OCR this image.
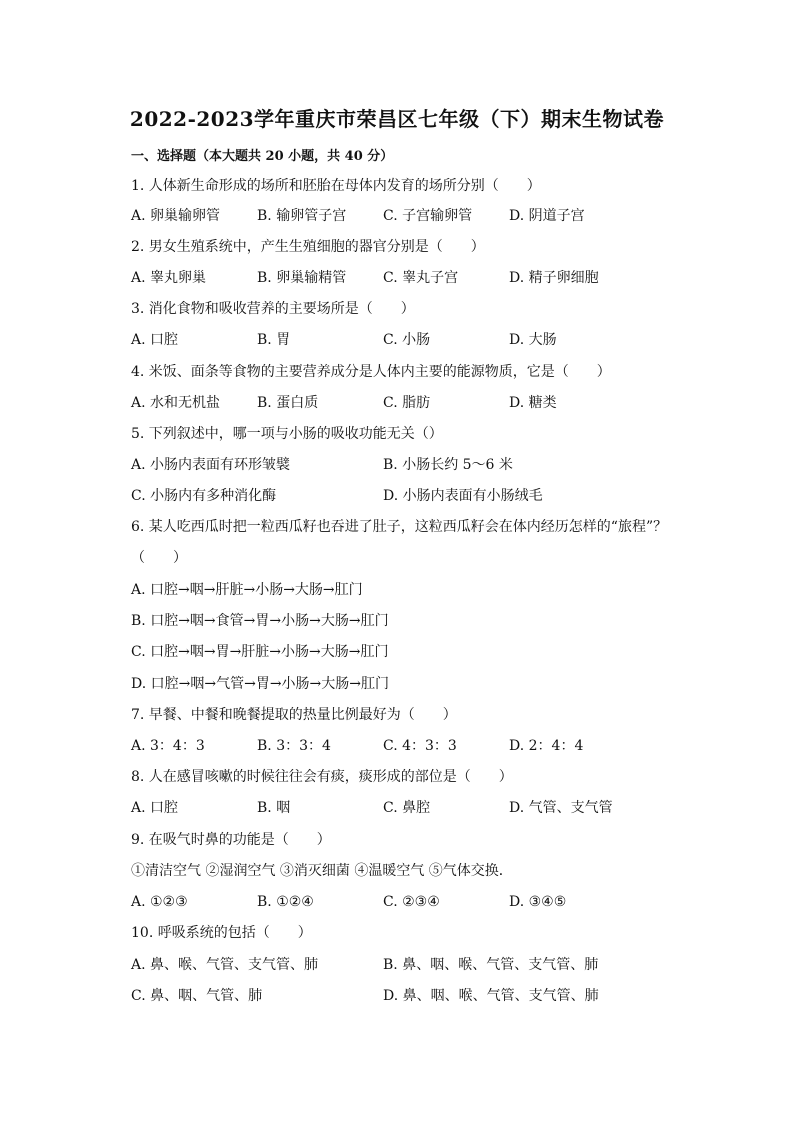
2022-2023学年重庆市荣昌区七年级（下）期末生物试卷
一、选择题（本大题共 20 小题，共 40 分）
1. 人体新生命形成的场所和胚胎在母体内发育的场所分别（　　）
A. 卵巢输卵管	B. 输卵管子宫	C. 子宫输卵管	D. 阴道子宫
2. 男女生殖系统中，产生生殖细胞的器官分别是（　　）
A. 睾丸卵巢	B. 卵巢输精管	C. 睾丸子宫	D. 精子卵细胞
3. 消化食物和吸收营养的主要场所是（　　）
A. 口腔	B. 胃	C. 小肠	D. 大肠
4. 米饭、面条等食物的主要营养成分是人体内主要的能源物质，它是（　　）
A. 水和无机盐	B. 蛋白质	C. 脂肪	D. 糖类
5. 下列叙述中，哪一项与小肠的吸收功能无关（）
A. 小肠内表面有环形皱襞	B. 小肠长约 5～6 米
C. 小肠内有多种消化酶	D. 小肠内表面有小肠绒毛
6. 某人吃西瓜时把一粒西瓜籽也吞进了肚子，这粒西瓜籽会在体内经历怎样的“旅程”？
（　　）
A. 口腔→咽→肝脏→小肠→大肠→肛门
B. 口腔→咽→食管→胃→小肠→大肠→肛门
C. 口腔→咽→胃→肝脏→小肠→大肠→肛门
D. 口腔→咽→气管→胃→小肠→大肠→肛门
7. 早餐、中餐和晚餐提取的热量比例最好为（　　）
A. 3：4：3	B. 3：3：4	C. 4：3：3	D. 2：4：4
8. 人在感冒咳嗽的时候往往会有痰，痰形成的部位是（　　）
A. 口腔	B. 咽	C. 鼻腔	D. 气管、支气管
9. 在吸气时鼻的功能是（　　）
①清洁空气 ②湿润空气 ③消灭细菌 ④温暖空气 ⑤气体交换．
A. ①②③	B. ①②④	C. ②③④	D. ③④⑤
10. 呼吸系统的包括（　　）
A. 鼻、喉、气管、支气管、肺	B. 鼻、咽、喉、气管、支气管、肺
C. 鼻、咽、气管、肺	D. 鼻、咽、喉、气管、支气管、肺
